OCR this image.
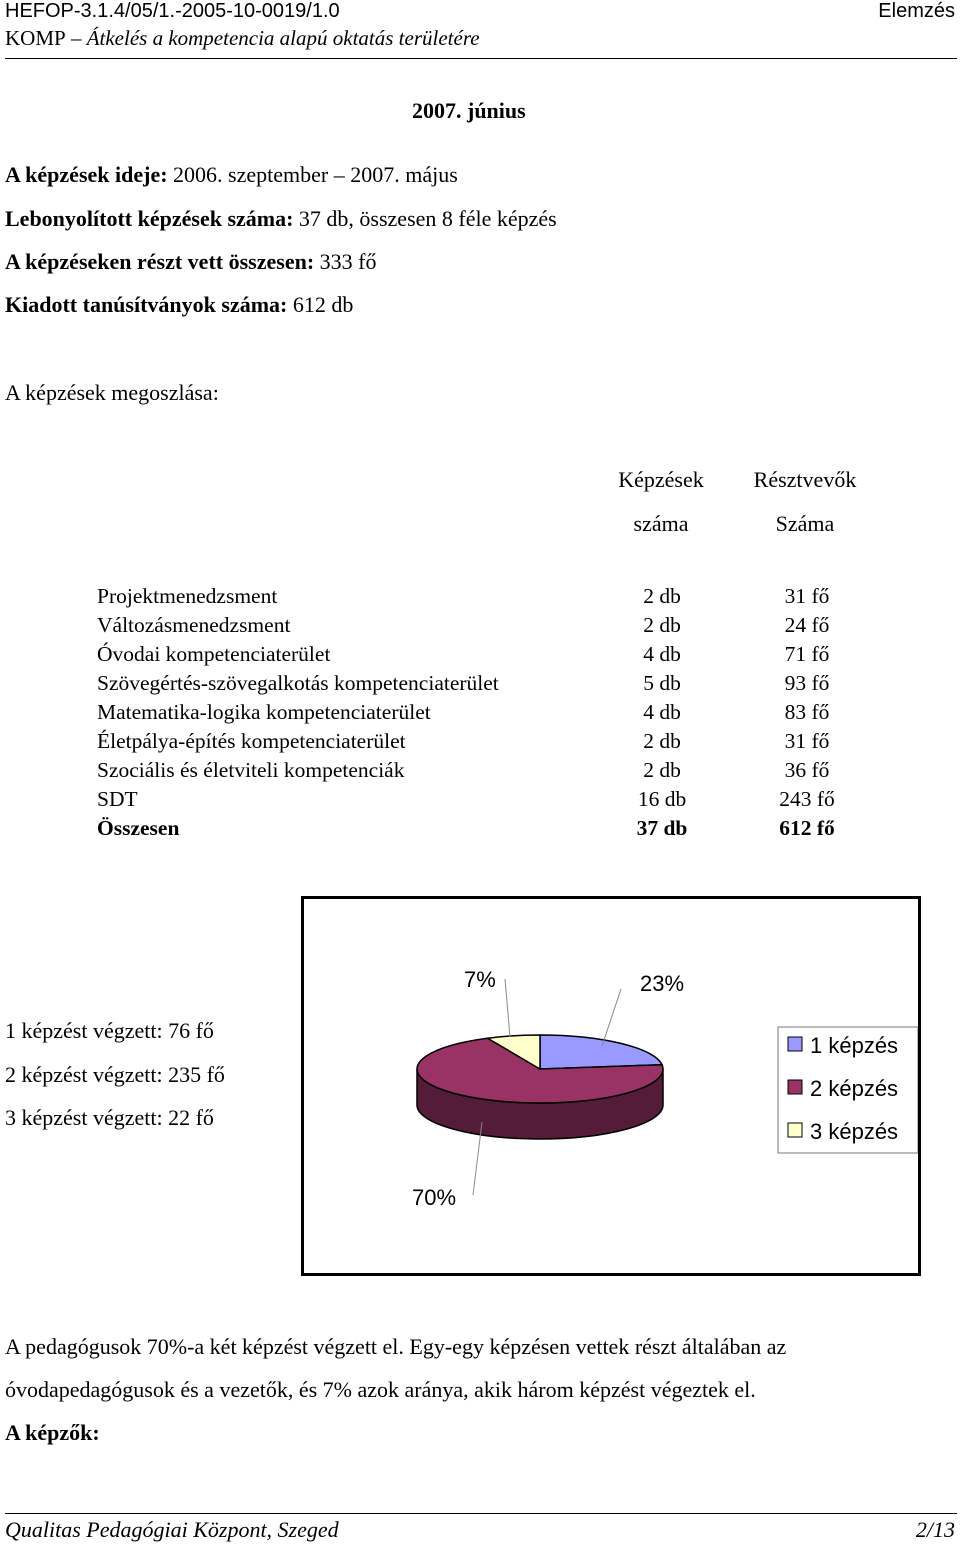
HEFOP-3.1.4/05/1.-2005-10-0019/1.0	Elemzés
KOMP – Átkelés a kompetencia alapú oktatás területére
2007. június
A képzések ideje: 2006. szeptember – 2007. május
Lebonyolított képzések száma: 37 db, összesen 8 féle képzés
A képzéseken részt vett összesen: 333 fő
Kiadott tanúsítványok száma: 612 db
A képzések megoszlása:
Képzések
száma
Résztvevők
Száma
Projektmenedzsment	2 db	31 fő
Változásmenedzsment	2 db	24 fő
Óvodai kompetenciaterület	4 db	71 fő
Szövegértés-szövegalkotás kompetenciaterület	5 db	93 fő
Matematika-logika kompetenciaterület	4 db	83 fő
Életpálya-építés kompetenciaterület	2 db	31 fő
Szociális és életviteli kompetenciák	2 db	36 fő
SDT	16 db	243 fő
Összesen	37 db	612 fő
1 képzést végzett: 76 fő
2 képzést végzett: 235 fő
3 képzést végzett: 22 fő
23%
70%
7%
1 képzés
2 képzés
3 képzés
A pedagógusok 70%-a két képzést végzett el. Egy-egy képzésen vettek részt általában az
óvodapedagógusok és a vezetők, és 7% azok aránya, akik három képzést végeztek el.
A képzők:
Qualitas Pedagógiai Központ, Szeged	2/13
